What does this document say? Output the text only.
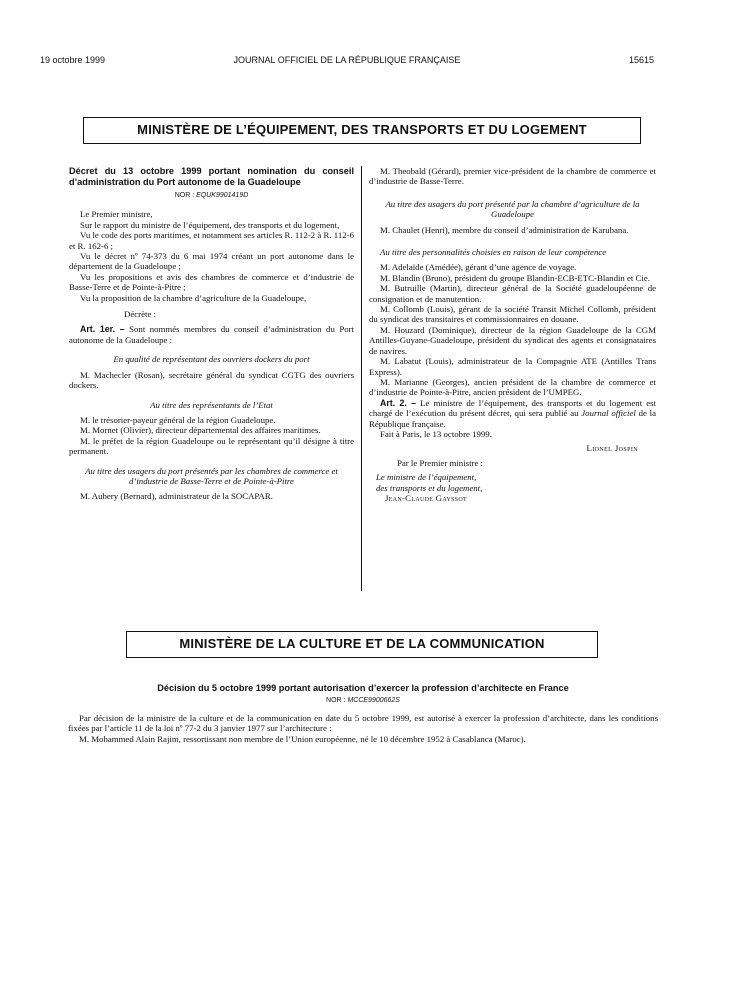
19 octobre 1999	JOURNAL OFFICIEL DE LA RÉPUBLIQUE FRANÇAISE	15615
MINISTÈRE DE L’ÉQUIPEMENT, DES TRANSPORTS ET DU LOGEMENT
Décret du 13 octobre 1999 portant nomination du conseil d’administration du Port autonome de la Guadeloupe
NOR : EQUK9901419D

Le Premier ministre,

Sur le rapport du ministre de l’équipement, des transports et du logement,

Vu le code des ports maritimes, et notamment ses articles R. 112-2 à R. 112-6 et R. 162-6 ;

Vu le décret nº 74-373 du 6 mai 1974 créant un port autonome dans le département de la Guadeloupe ;

Vu les propositions et avis des chambres de commerce et d’industrie de Basse-Terre et de Pointe-à-Pitre ;

Vu la proposition de la chambre d’agriculture de la Guadeloupe,

Décrète :

Art. 1er. – Sont nommés membres du conseil d’administration du Port autonome de la Guadeloupe :

En qualité de représentant des ouvriers dockers du port

M. Machecler (Rosan), secrétaire général du syndicat CGTG des ouvriers dockers.

Au titre des représentants de l’Etat

M. le trésorier-payeur général de la région Guadeloupe.

M. Mornet (Olivier), directeur départemental des affaires maritimes.

M. le préfet de la région Guadeloupe ou le représentant qu’il désigne à titre permanent.

Au titre des usagers du port présentés par les chambres de commerce et d’industrie de Basse-Terre et de Pointe-à-Pitre

M. Aubery (Bernard), administrateur de la SOCAPAR.

M. Theobald (Gérard), premier vice-président de la chambre de commerce et d’industrie de Basse-Terre.

Au titre des usagers du port présenté par la chambre d’agriculture de la Guadeloupe

M. Chaulet (Henri), membre du conseil d’administration de Karubana.

Au titre des personnalités choisies en raison de leur compétence

M. Adelaïde (Amédée), gérant d’une agence de voyage.

M. Blandin (Bruno), président du groupe Blandin-ECB-ETC-Blandin et Cie.

M. Butruille (Martin), directeur général de la Société guadeloupéenne de consignation et de manutention.

M. Collomb (Louis), gérant de la société Transit Michel Collomb, président du syndicat des transitaires et commissionnaires en douane.

M. Houzard (Dominique), directeur de la région Guadeloupe de la CGM Antilles-Guyane-Guadeloupe, président du syndicat des agents et consignataires de navires.

M. Labatut (Louis), administrateur de la Compagnie ATE (Antilles Trans Express).

M. Marianne (Georges), ancien président de la chambre de commerce et d’industrie de Pointe-à-Pitre, ancien président de l’UMPEG.

Art. 2. – Le ministre de l’équipement, des transports et du logement est chargé de l’exécution du présent décret, qui sera publié au Journal officiel de la République française.

Fait à Paris, le 13 octobre 1999.

Lionel Jospin

Par le Premier ministre :

Le ministre de l’équipement,

des transports et du logement,

Jean-Claude Gayssot

MINISTÈRE DE LA CULTURE ET DE LA COMMUNICATION
Décision du 5 octobre 1999 portant autorisation d’exercer la profession d’architecte en France
NOR : MCCE9900662S

Par décision de la ministre de la culture et de la communication en date du 5 octobre 1999, est autorisé à exercer la profession d’architecte, dans les conditions fixées par l’article 11 de la loi nº 77-2 du 3 janvier 1977 sur l’architecture :

M. Mohammed Alain Rajim, ressortissant non membre de l’Union européenne, né le 10 décembre 1952 à Casablanca (Maroc).
